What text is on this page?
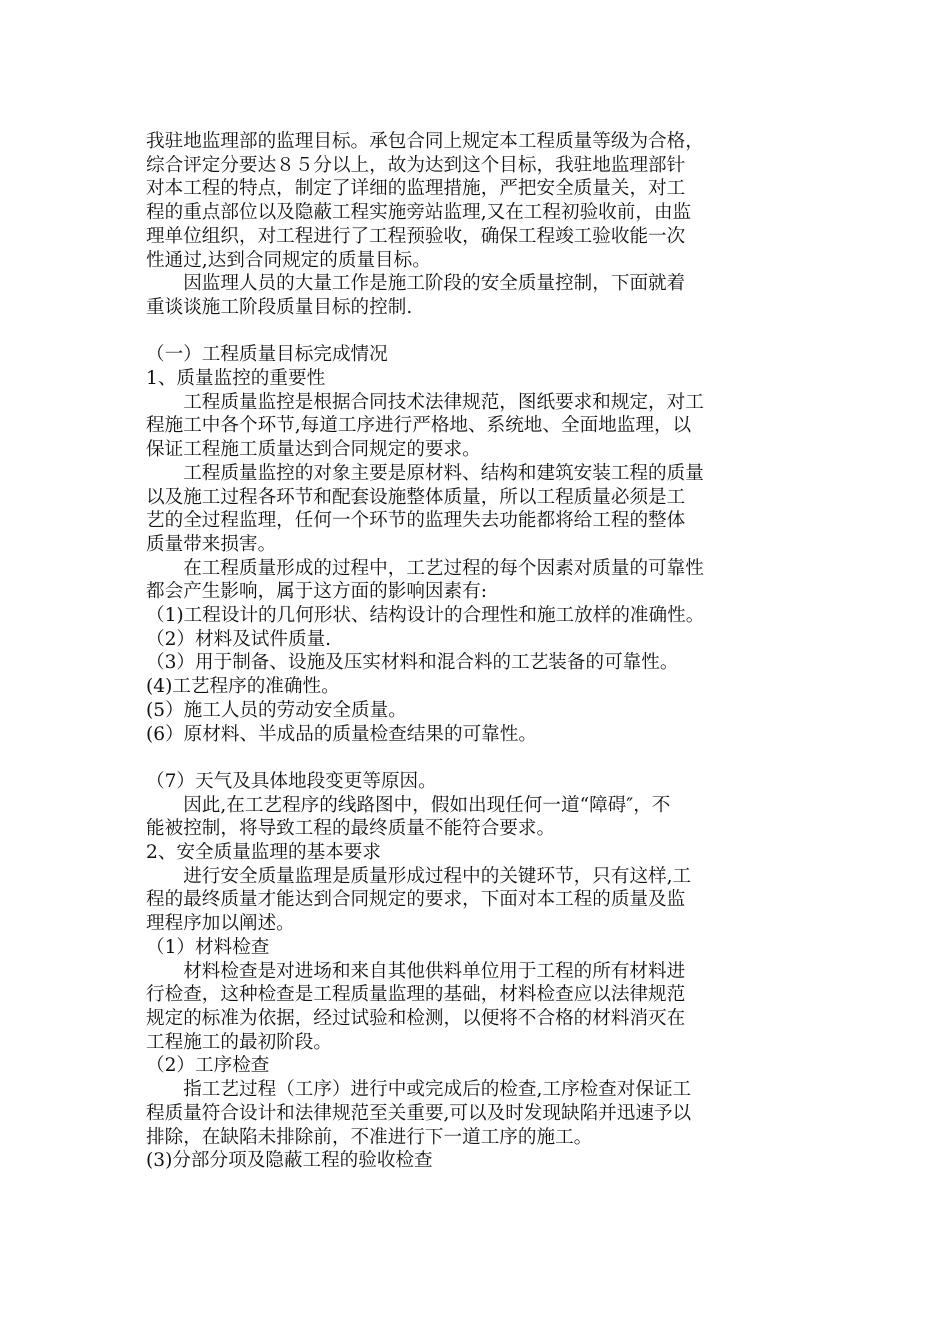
我驻地监理部的监理目标。承包合同上规定本工程质量等级为合格，
综合评定分要达８５分以上，故为达到这个目标，我驻地监理部针
对本工程的特点，制定了详细的监理措施，严把安全质量关，对工
程的重点部位以及隐蔽工程实施旁站监理,又在工程初验收前，由监
理单位组织，对工程进行了工程预验收，确保工程竣工验收能一次
性通过,达到合同规定的质量目标。
　　因监理人员的大量工作是施工阶段的安全质量控制，下面就着
重谈谈施工阶段质量目标的控制.
（一）工程质量目标完成情况
1、质量监控的重要性
　　工程质量监控是根据合同技术法律规范，图纸要求和规定，对工
程施工中各个环节,每道工序进行严格地、系统地、全面地监理，以
保证工程施工质量达到合同规定的要求。
　　工程质量监控的对象主要是原材料、结构和建筑安装工程的质量
以及施工过程各环节和配套设施整体质量，所以工程质量必须是工
艺的全过程监理，任何一个环节的监理失去功能都将给工程的整体
质量带来损害。
　　在工程质量形成的过程中，工艺过程的每个因素对质量的可靠性
都会产生影响，属于这方面的影响因素有:
（1)工程设计的几何形状、结构设计的合理性和施工放样的准确性。
（2）材料及试件质量.
（3）用于制备、设施及压实材料和混合料的工艺装备的可靠性。
(4)工艺程序的准确性。
(5）施工人员的劳动安全质量。
(6）原材料、半成品的质量检查结果的可靠性。
（7）天气及具体地段变更等原因。
　　因此,在工艺程序的线路图中，假如出现任何一道“障碍″，不
能被控制，将导致工程的最终质量不能符合要求。
2、安全质量监理的基本要求
　　进行安全质量监理是质量形成过程中的关键环节，只有这样,工
程的最终质量才能达到合同规定的要求，下面对本工程的质量及监
理程序加以阐述。
（1）材料检查
　　材料检查是对进场和来自其他供料单位用于工程的所有材料进
行检查，这种检查是工程质量监理的基础，材料检查应以法律规范
规定的标准为依据，经过试验和检测，以便将不合格的材料消灭在
工程施工的最初阶段。
（2）工序检查
　　指工艺过程（工序）进行中或完成后的检查,工序检查对保证工
程质量符合设计和法律规范至关重要,可以及时发现缺陷并迅速予以
排除，在缺陷未排除前，不准进行下一道工序的施工。
(3)分部分项及隐蔽工程的验收检查
